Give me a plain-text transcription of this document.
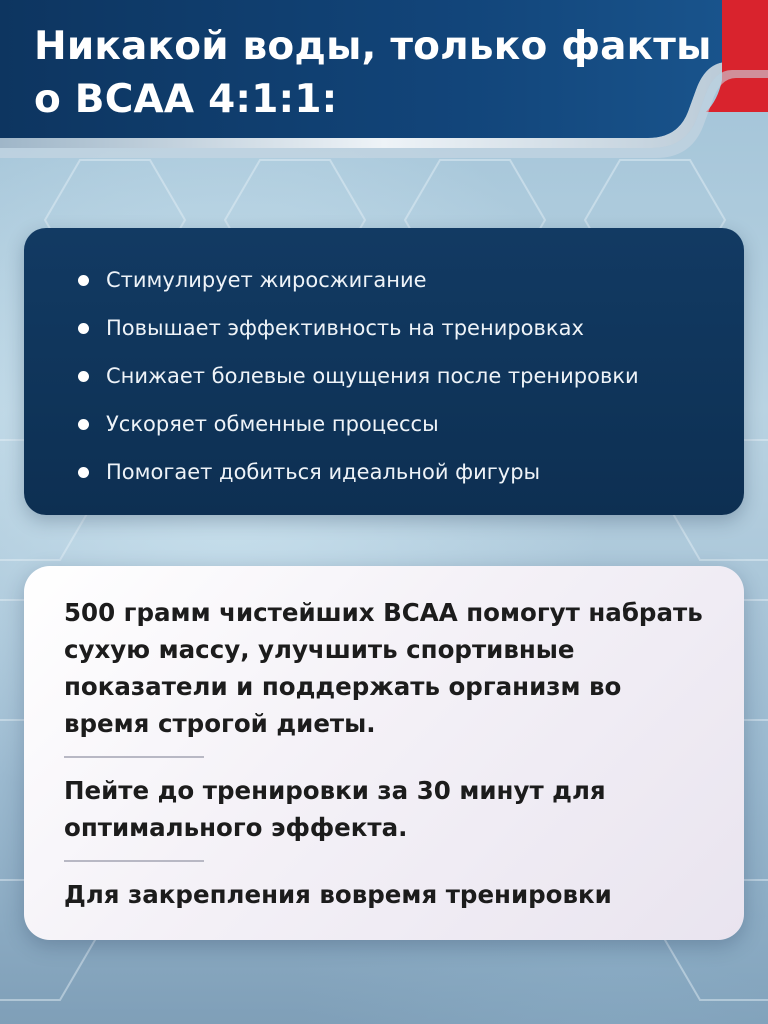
Никакой воды, только факты
о BCAA 4:1:1:
Стимулирует жиросжигание
Повышает эффективность на тренировках
Снижает болевые ощущения после тренировки
Ускоряет обменные процессы
Помогает добиться идеальной фигуры

500 грамм чистейших BCAA помогут набрать сухую массу, улучшить спортивные показатели и поддержать организм во время строгой диеты.

Пейте до тренировки за 30 минут для оптимального эффекта.

Для закрепления вовремя тренировки
